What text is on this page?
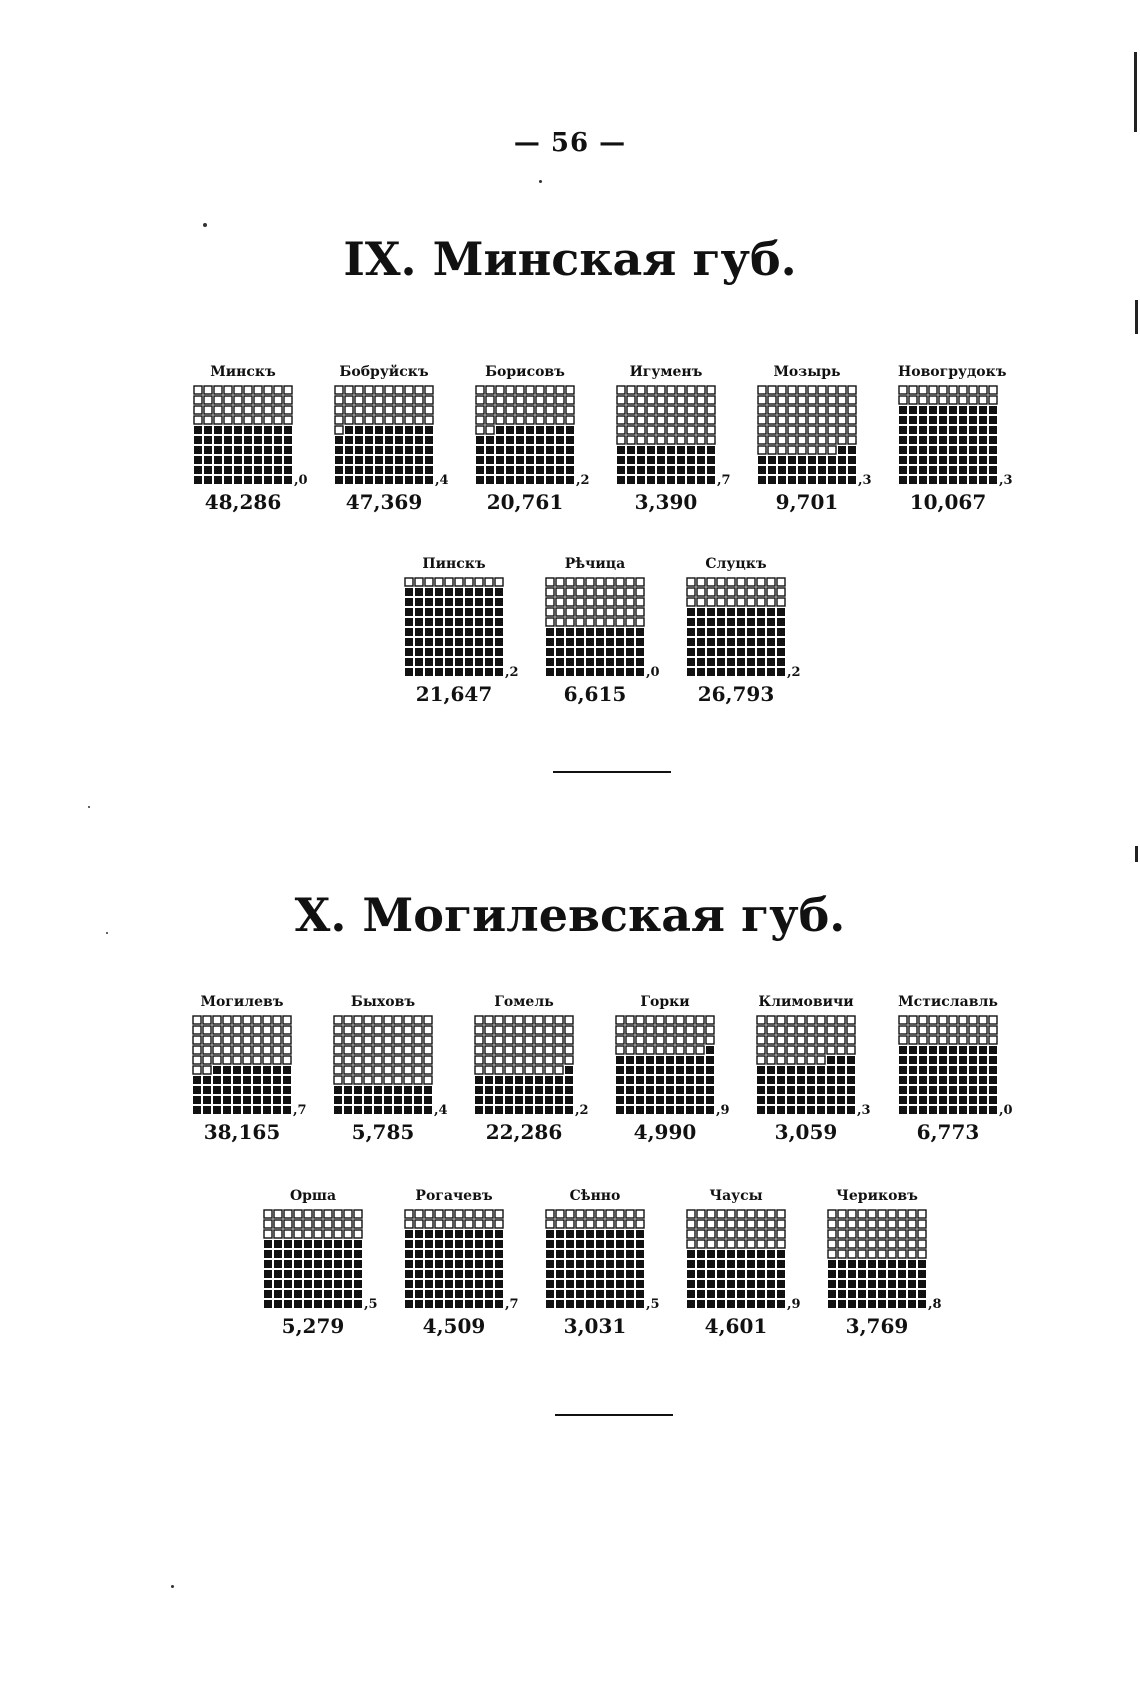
— 56 —
IX. Минская губ.
Минскъ
,0
48,286
Бобруйскъ
,4
47,369
Борисовъ
,2
20,761
Игуменъ
,7
3,390
Мозырь
,3
9,701
Новогрудокъ
,3
10,067
Пинскъ
,2
21,647
Рѣчица
,0
6,615
Слуцкъ
,2
26,793
X. Могилевская губ.
Могилевъ
,7
38,165
Быховъ
,4
5,785
Гомель
,2
22,286
Горки
,9
4,990
Климовичи
,3
3,059
Мстиславль
,0
6,773
Орша
,5
5,279
Рогачевъ
,7
4,509
Сѣнно
,5
3,031
Чаусы
,9
4,601
Чериковъ
,8
3,769
